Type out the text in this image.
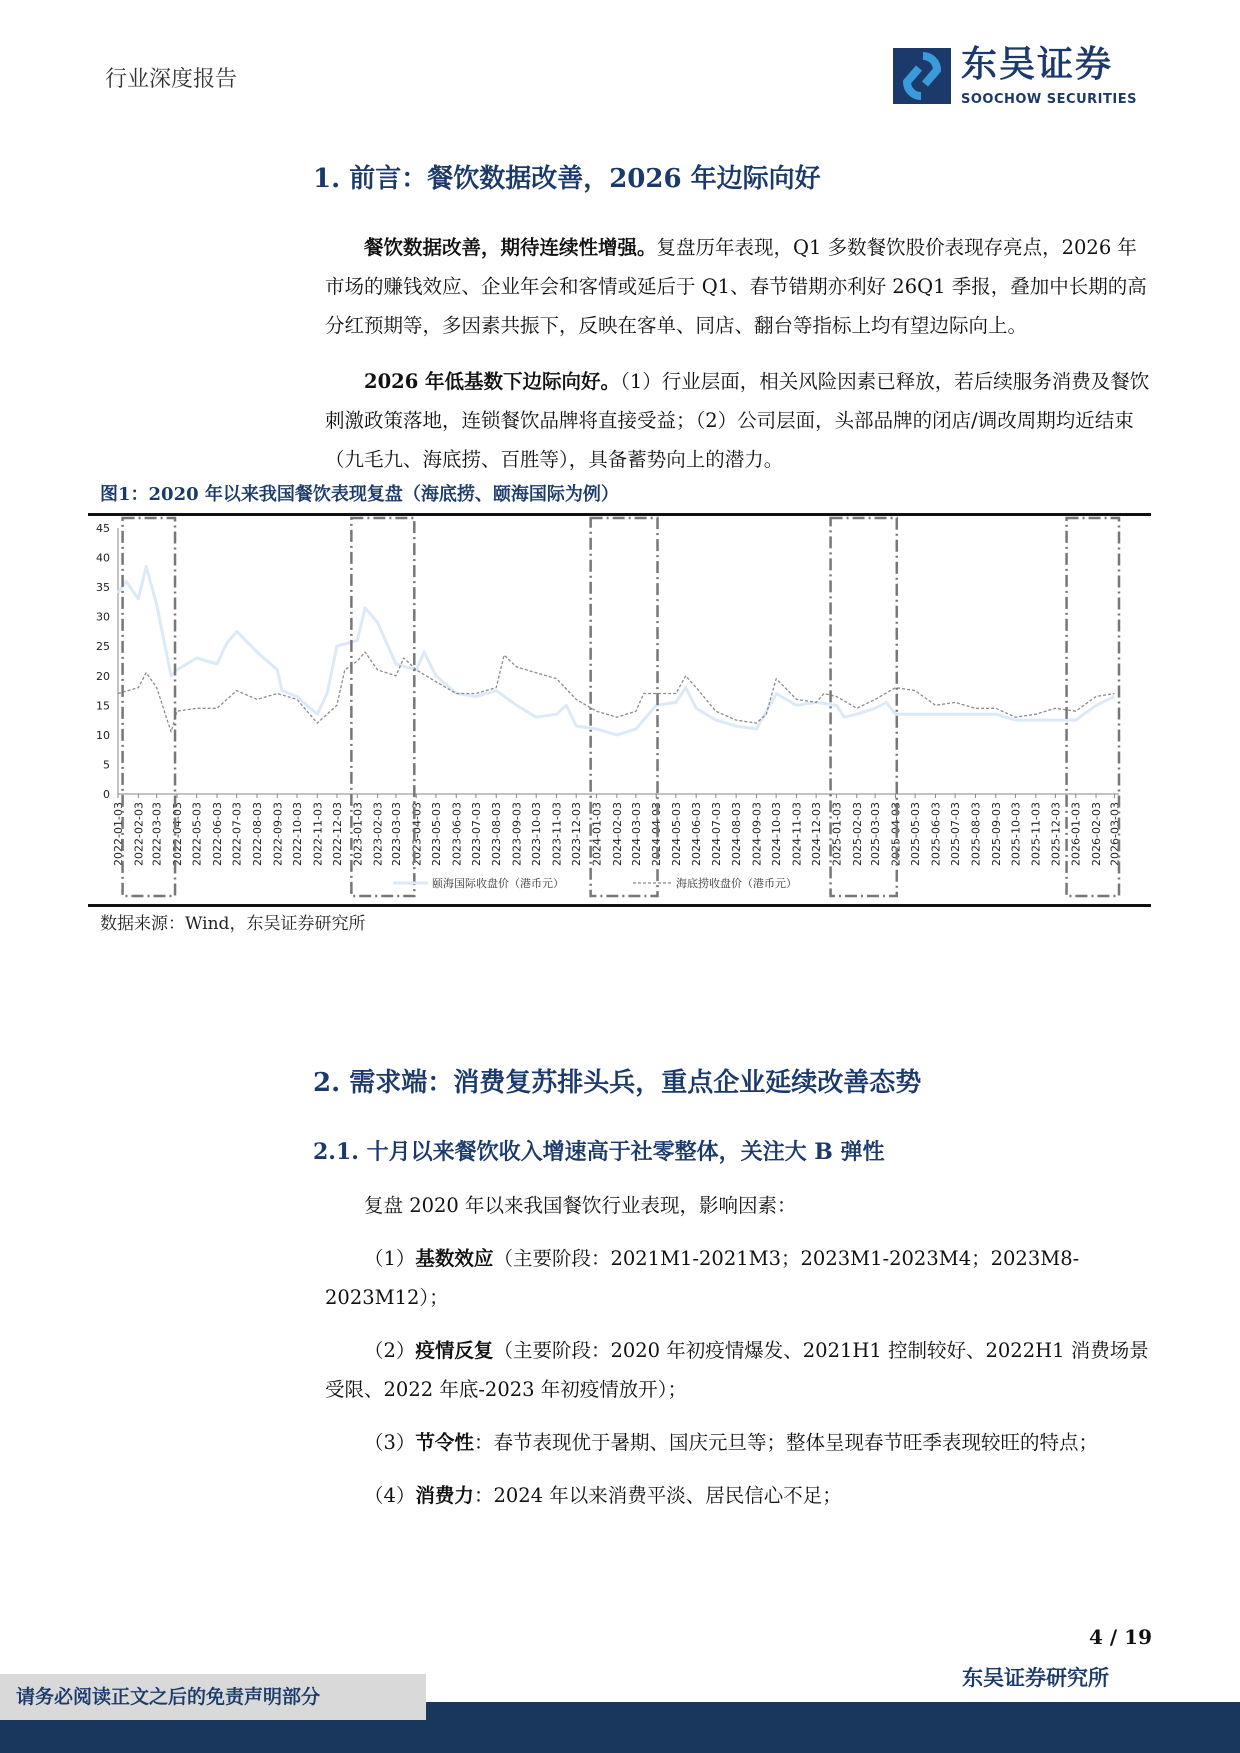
行业深度报告	东吴证券
SOOCHOW SECURITIES
1. 前言：餐饮数据改善，2026 年边际向好

餐饮数据改善，期待连续性增强。复盘历年表现，Q1 多数餐饮股价表现存亮点，2026 年市场的赚钱效应、企业年会和客情或延后于 Q1、春节错期亦利好 26Q1 季报，叠加中长期的高分红预期等，多因素共振下，反映在客单、同店、翻台等指标上均有望边际向上。

2026 年低基数下边际向好。（1）行业层面，相关风险因素已释放，若后续服务消费及餐饮刺激政策落地，连锁餐饮品牌将直接受益；（2）公司层面，头部品牌的闭店/调改周期均近结束（九毛九、海底捞、百胜等），具备蓄势向上的潜力。

图1：2020 年以来我国餐饮表现复盘（海底捞、颐海国际为例）
0
5
10
15
20
25
30
35
40
45
2022-01-03 2022-02-03 2022-03-03 2022-04-03 2022-05-03 2022-06-03 2022-07-03 2022-08-03 2022-09-03 2022-10-03 2022-11-03 2022-12-03 2023-01-03 2023-02-03 2023-03-03 2023-04-03 2023-05-03 2023-06-03 2023-07-03 2023-08-03 2023-09-03 2023-10-03 2023-11-03 2023-12-03 2024-01-03 2024-02-03 2024-03-03 2024-04-03 2024-05-03 2024-06-03 2024-07-03 2024-08-03 2024-09-03 2024-10-03 2024-11-03 2024-12-03 2025-01-03 2025-02-03 2025-03-03 2025-04-03 2025-05-03 2025-06-03 2025-07-03 2025-08-03 2025-09-03 2025-10-03 2025-11-03 2025-12-03 2026-01-03 2026-02-03 2026-03-03
颐海国际收盘价（港币元）	海底捞收盘价（港币元）
数据来源：Wind，东吴证券研究所
2. 需求端：消费复苏排头兵，重点企业延续改善态势
2.1. 十月以来餐饮收入增速高于社零整体，关注大 B 弹性

复盘 2020 年以来我国餐饮行业表现，影响因素：

（1）基数效应（主要阶段：2021M1-2021M3；2023M1-2023M4；2023M8-2023M12）；

（2）疫情反复（主要阶段：2020 年初疫情爆发、2021H1 控制较好、2022H1 消费场景受限、2022 年底-2023 年初疫情放开）；

（3）节令性：春节表现优于暑期、国庆元旦等；整体呈现春节旺季表现较旺的特点；

（4）消费力：2024 年以来消费平淡、居民信心不足；

4 / 19
东吴证券研究所
请务必阅读正文之后的免责声明部分
